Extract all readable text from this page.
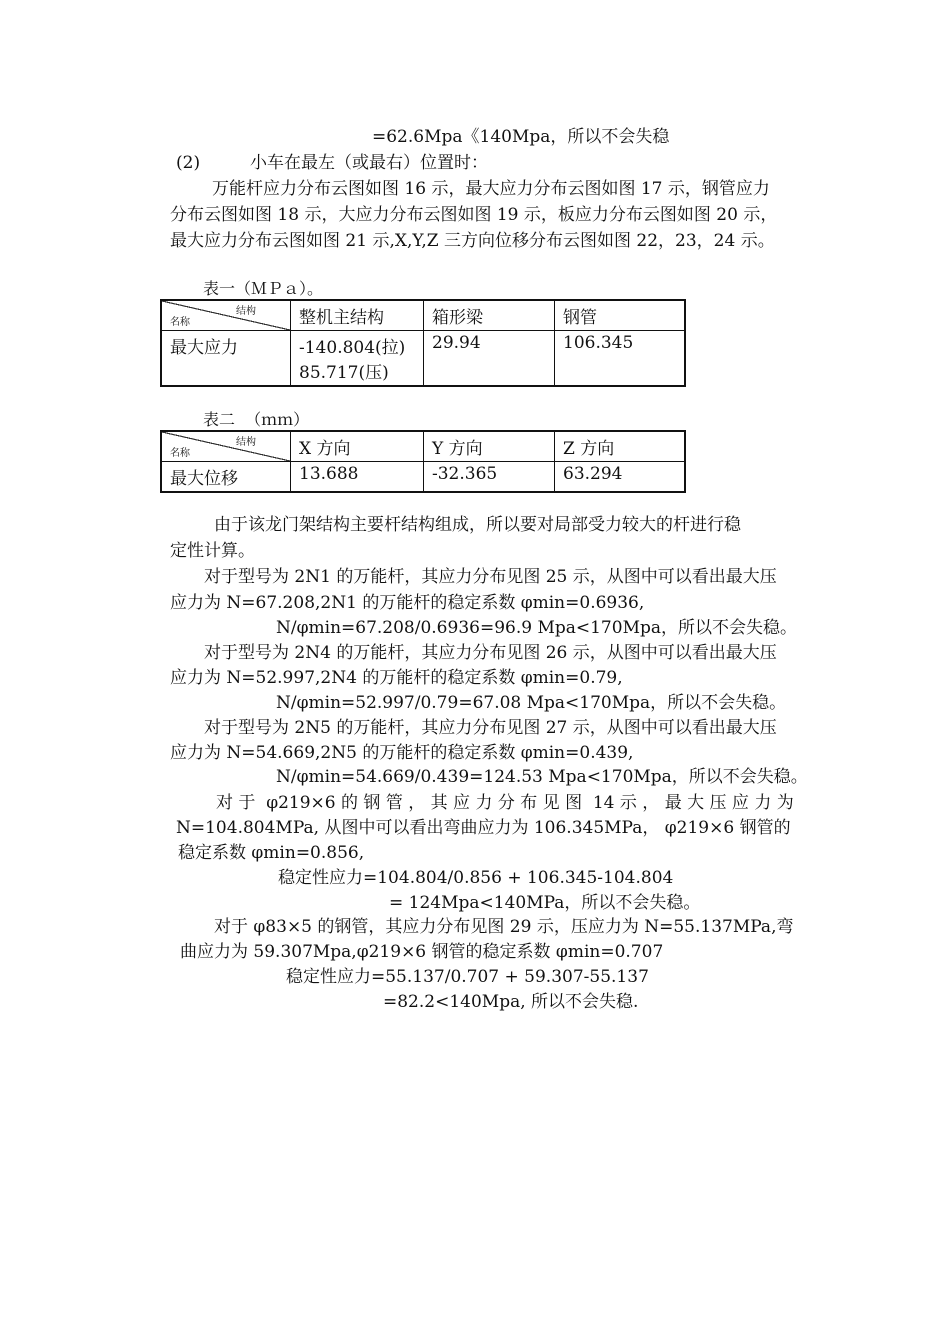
=62.6Mpa《140Mpa，所以不会失稳
(2)	小车在最左（或最右）位置时：
万能杆应力分布云图如图 16 示，最大应力分布云图如图 17 示，钢管应力
分布云图如图 18 示，大应力分布云图如图 19 示，板应力分布云图如图 20 示，
最大应力分布云图如图 21 示,X,Y,Z 三方向位移分布云图如图 22，23，24 示。
表一（ＭＰａ）。
结构
名称	整机主结构	箱形梁	钢管
最大应力	-140.804(拉)
85.717(压)	29.94	106.345
表二  （ｍｍ）
结构
名称	X 方向	Y 方向	Z 方向
最大位移	13.688	-32.365	63.294
由于该龙门架结构主要杆结构组成，所以要对局部受力较大的杆进行稳
定性计算。
对于型号为 2N1 的万能杆，其应力分布见图 25 示，从图中可以看出最大压
应力为 N=67.208,2N1 的万能杆的稳定系数 φmin=0.6936,
N/φmin=67.208/0.6936=96.9 Mpa<170Mpa，所以不会失稳。
对于型号为 2N4 的万能杆，其应力分布见图 26 示，从图中可以看出最大压
应力为 N=52.997,2N4 的万能杆的稳定系数 φmin=0.79,
N/φmin=52.997/0.79=67.08 Mpa<170Mpa，所以不会失稳。
对于型号为 2N5 的万能杆，其应力分布见图 27 示，从图中可以看出最大压
应力为 N=54.669,2N5 的万能杆的稳定系数 φmin=0.439,
N/φmin=54.669/0.439=124.53 Mpa<170Mpa，所以不会失稳。
对 于  φ219×6 的 钢 管 ， 其 应 力 分 布 见 图  14 示 ， 最 大 压 应 力 为
N=104.804MPa, 从图中可以看出弯曲应力为 106.345MPa， φ219×6 钢管的
稳定系数 φmin=0.856,
稳定性应力=104.804/0.856 + 106.345-104.804
= 124Mpa<140MPa，所以不会失稳。
对于 φ83×5 的钢管，其应力分布见图 29 示，压应力为 N=55.137MPa,弯
曲应力为 59.307Mpa,φ219×6 钢管的稳定系数 φmin=0.707
稳定性应力=55.137/0.707 + 59.307-55.137
=82.2<140Mpa, 所以不会失稳.
